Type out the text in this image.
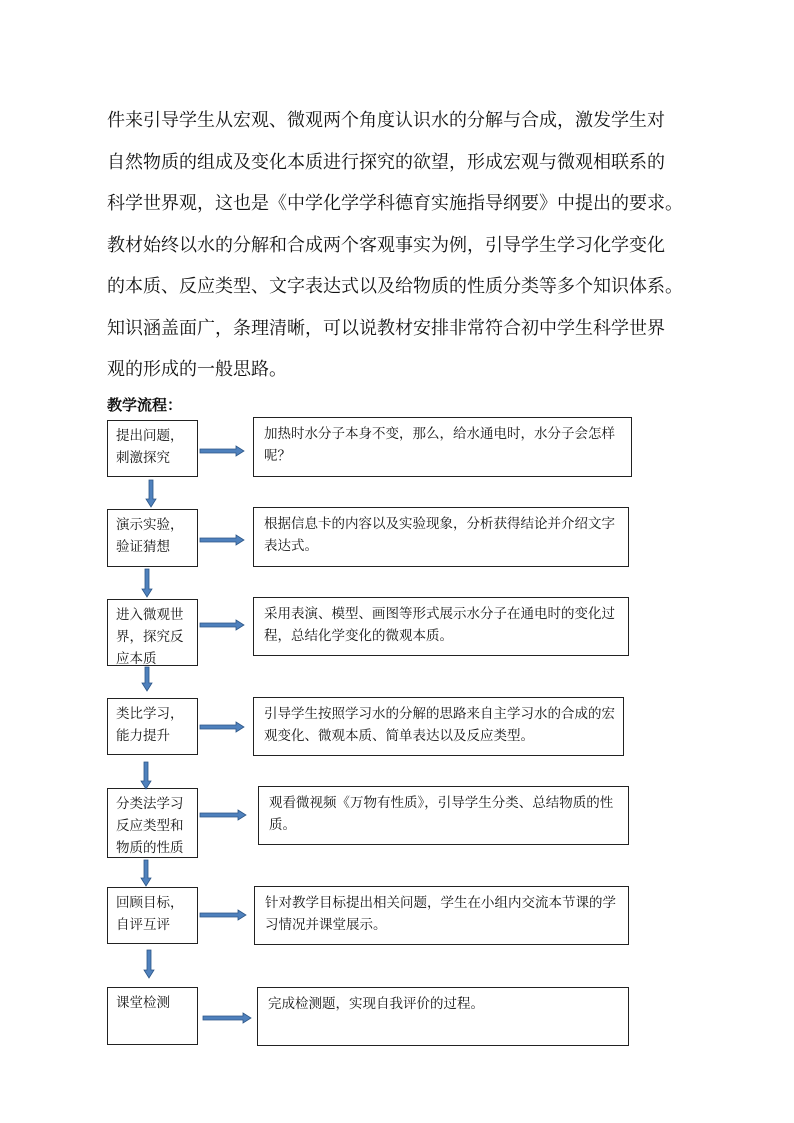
件来引导学生从宏观、微观两个角度认识水的分解与合成，激发学生对
自然物质的组成及变化本质进行探究的欲望，形成宏观与微观相联系的
科学世界观，这也是《中学化学学科德育实施指导纲要》中提出的要求。
教材始终以水的分解和合成两个客观事实为例，引导学生学习化学变化
的本质、反应类型、文字表达式以及给物质的性质分类等多个知识体系。
知识涵盖面广，条理清晰，可以说教材安排非常符合初中学生科学世界
观的形成的一般思路。
教学流程：
提出问题，
刺激探究
加热时水分子本身不变，那么，给水通电时，水分子会怎样呢？
演示实验，
验证猜想
根据信息卡的内容以及实验现象，分析获得结论并介绍文字表达式。
进入微观世
界，探究反
应本质
采用表演、模型、画图等形式展示水分子在通电时的变化过程，总结化学变化的微观本质。
类比学习，
能力提升
引导学生按照学习水的分解的思路来自主学习水的合成的宏观变化、微观本质、简单表达以及反应类型。
分类法学习
反应类型和
物质的性质
观看微视频《万物有性质》，引导学生分类、总结物质的性质。
回顾目标，
自评互评
针对教学目标提出相关问题，学生在小组内交流本节课的学习情况并课堂展示。
课堂检测	完成检测题，实现自我评价的过程。
